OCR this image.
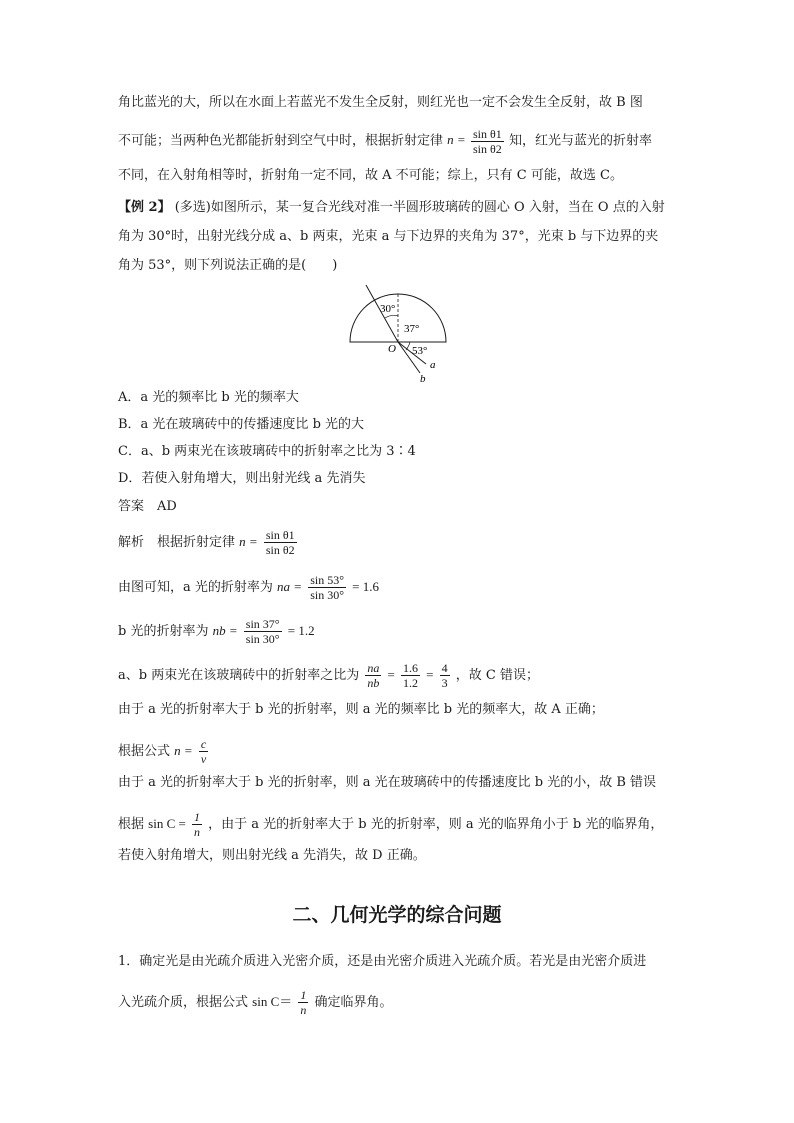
角比蓝光的大，所以在水面上若蓝光不发生全反射，则红光也一定不会发生全反射，故 B 图
不可能；当两种色光都能折射到空气中时，根据折射定律 $n = \frac{\text{sin θ1}}{\text{sin θ2}}$ 知，红光与蓝光的折射率
不同，在入射角相等时，折射角一定不同，故 A 不可能；综上，只有 C 可能，故选 C。
【例 2】 (多选)如图所示，某一复合光线对准一半圆形玻璃砖的圆心 O 入射，当在 O 点的入射
角为 30°时，出射光线分成 a、b 两束，光束 a 与下边界的夹角为 37°，光束 b 与下边界的夹
角为 53°，则下列说法正确的是(　　)
30°
37°
53°
O
a
b
A．a 光的频率比 b 光的频率大
B．a 光在玻璃砖中的传播速度比 b 光的大
C．a、b 两束光在该玻璃砖中的折射率之比为 3∶4
D．若使入射角增大，则出射光线 a 先消失
答案　AD
解析　根据折射定律 $n = \frac{\text{sin θ1}}{\text{sin θ2}}$
由图可知，a 光的折射率为 na = $\frac{\sin 53^\circ}{\sin 30^\circ} = 1.6$
b 光的折射率为 nb = $\frac{\sin 37^\circ}{\sin 30^\circ} = 1.2$
a、b 两束光在该玻璃砖中的折射率之比为 $\frac{na}{nb} = \frac{1.6}{1.2} = \frac{4}{3}$ ，故 C 错误；
由于 a 光的折射率大于 b 光的折射率，则 a 光的频率比 b 光的频率大，故 A 正确；
根据公式 $n = \frac{c}{v}$
由于 a 光的折射率大于 b 光的折射率，则 a 光在玻璃砖中的传播速度比 b 光的小，故 B 错误
根据 $\sin C = \frac{1}{n}$ ，由于 a 光的折射率大于 b 光的折射率，则 a 光的临界角小于 b 光的临界角，
若使入射角增大，则出射光线 a 先消失，故 D 正确。
二、几何光学的综合问题
1．确定光是由光疏介质进入光密介质，还是由光密介质进入光疏介质。若光是由光密介质进
入光疏介质，根据公式 $\sin C= \frac{1}{n}$ 确定临界角。
